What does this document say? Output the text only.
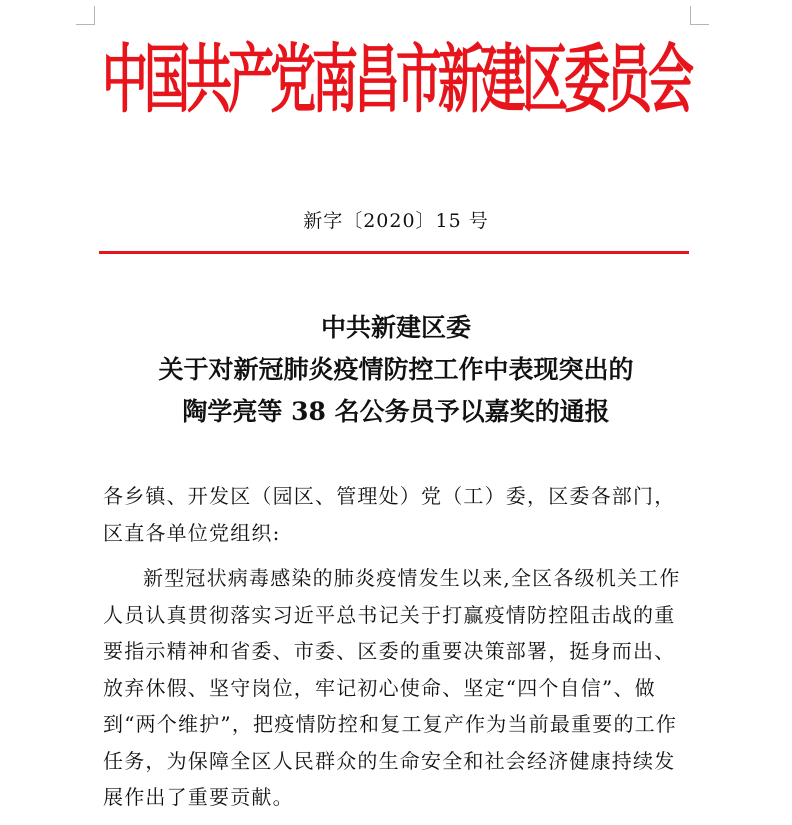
中国共产党南昌市新建区委员会
新字〔2020〕15 号
中共新建区委
关于对新冠肺炎疫情防控工作中表现突出的
陶学亮等 38 名公务员予以嘉奖的通报
各乡镇、开发区（园区、管理处）党（工）委，区委各部门，区直各单位党组织:
新型冠状病毒感染的肺炎疫情发生以来,全区各级机关工作人员认真贯彻落实习近平总书记关于打赢疫情防控阻击战的重要指示精神和省委、市委、区委的重要决策部署，挺身而出、放弃休假、坚守岗位，牢记初心使命、坚定“四个自信”、做到“两个维护”，把疫情防控和复工复产作为当前最重要的工作任务，为保障全区人民群众的生命安全和社会经济健康持续发展作出了重要贡献。
